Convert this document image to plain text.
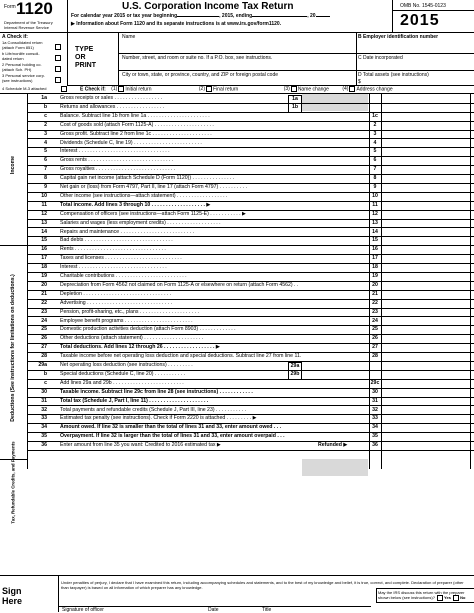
Form 1120
Department of the Treasury
Internal Revenue Service
U.S. Corporation Income Tax Return
For calendar year 2015 or tax year beginning	, 2015, ending	, 20
▶ Information about Form 1120 and its separate instructions is at www.irs.gov/form1120.
OMB No. 1545-0123
2015
A Check if:
1a Consolidated return (attach Form 851)
b Life/nonlife consoli- dated return
2 Personal holding co. (attach Sch. PH)
3 Personal service corp. (see instructions)
4 Schedule M-3 attached
TYPE
OR
PRINT
Name
Number, street, and room or suite no. If a P.O. box, see instructions.
City or town, state, or province, country, and ZIP or foreign postal code
B Employer identification number
C Date incorporated
D Total assets (see instructions)
$
E Check if: (1) Initial return	(2) Final return	(3) Name change	(4) Address change
Income
Deductions (See instructions for limitations on deductions.)
Tax, Refundable Credits, and Payments
1a	Gross receipts or sales . . . . . . . . . . . . . . . . .	1a
b	Returns and allowances . . . . . . . . . . . . . . . . .	1b
c	Balance. Subtract line 1b from line 1a . . . . . . . . . . . . . . . . . . . . . .	1c
2	Cost of goods sold (attach Form 1125-A) . . . . . . . . . . . . . . . . . . . . .	2
3	Gross profit. Subtract line 2 from line 1c . . . . . . . . . . . . . . . . . . . . .	3
4	Dividends (Schedule C, line 19) . . . . . . . . . . . . . . . . . . . . . . . .	4
5	Interest . . . . . . . . . . . . . . . . . . . . . . . . . . . . . . . .	5
6	Gross rents . . . . . . . . . . . . . . . . . . . . . . . . . . . . . .	6
7	Gross royalties . . . . . . . . . . . . . . . . . . . . . . . . . . . .	7
8	Capital gain net income (attach Schedule D (Form 1120)) . . . . . . . . . . . . . . .	8
9	Net gain or (loss) from Form 4797, Part II, line 17 (attach Form 4797) . . . . . . . . . .	9
10	Other income (see instructions—attach statement) . . . . . . . . . . . . . . . . . .	10
11	Total income. Add lines 3 through 10 . . . . . . . . . . . . . . . . . . . ▶	11
12	Compensation of officers (see instructions—attach Form 1125-E) . . . . . . . . . . . ▶	12
13	Salaries and wages (less employment credits) . . . . . . . . . . . . . . . . . . .	13
14	Repairs and maintenance . . . . . . . . . . . . . . . . . . . . . . . . . .	14
15	Bad debts . . . . . . . . . . . . . . . . . . . . . . . . . . . . . . .	15
16	Rents . . . . . . . . . . . . . . . . . . . . . . . . . . . . . . . .	16
17	Taxes and licenses . . . . . . . . . . . . . . . . . . . . . . . . . . .	17
18	Interest . . . . . . . . . . . . . . . . . . . . . . . . . . . . . . .	18
19	Charitable contributions . . . . . . . . . . . . . . . . . . . . . . . . .	19
20	Depreciation from Form 4562 not claimed on Form 1125-A or elsewhere on return (attach Form 4562) . .	20
21	Depletion . . . . . . . . . . . . . . . . . . . . . . . . . . . . . . .	21
22	Advertising . . . . . . . . . . . . . . . . . . . . . . . . . . . . . .	22
23	Pension, profit-sharing, etc., plans . . . . . . . . . . . . . . . . . . . . .	23
24	Employee benefit programs . . . . . . . . . . . . . . . . . . . . . . . .	24
25	Domestic production activities deduction (attach Form 8903) . . . . . . . . . . . . .	25
26	Other deductions (attach statement) . . . . . . . . . . . . . . . . . . . . .	26
27	Total deductions. Add lines 12 through 26 . . . . . . . . . . . . . . . . . . ▶	27
28	Taxable income before net operating loss deduction and special deductions. Subtract line 27 from line 11.	28
29a	Net operating loss deduction (see instructions) . . . . . . . . .	29a
b	Special deductions (Schedule C, line 20) . . . . . . . . . . .	29b
c	Add lines 29a and 29b . . . . . . . . . . . . . . . . . . . . . . . . .	29c
30	Taxable income. Subtract line 29c from line 28 (see instructions) . . . . . . . . . . . .	30
31	Total tax (Schedule J, Part I, line 11) . . . . . . . . . . . . . . . . . . . . .	31
32	Total payments and refundable credits (Schedule J, Part III, line 23) . . . . . . . . . . .	32
33	Estimated tax penalty (see instructions). Check if Form 2220 is attached . . . . . . . . . ▶	33
34	Amount owed. If line 32 is smaller than the total of lines 31 and 33, enter amount owed . . .	34
35	Overpayment. If line 32 is larger than the total of lines 31 and 33, enter amount overpaid . . .	35
36	Enter amount from line 35 you want: Credited to 2016 estimated tax ▶	36
Refunded ▶
Under penalties of perjury, I declare that I have examined this return, including accompanying schedules and statements, and to the best of my knowledge and belief, it is true, correct, and complete. Declaration of preparer (other than taxpayer) is based on all information of which preparer has any knowledge.
Sign
Here
Signature of officer	Date	Title
May the IRS discuss this return with the preparer shown below (see instructions)? Yes No
